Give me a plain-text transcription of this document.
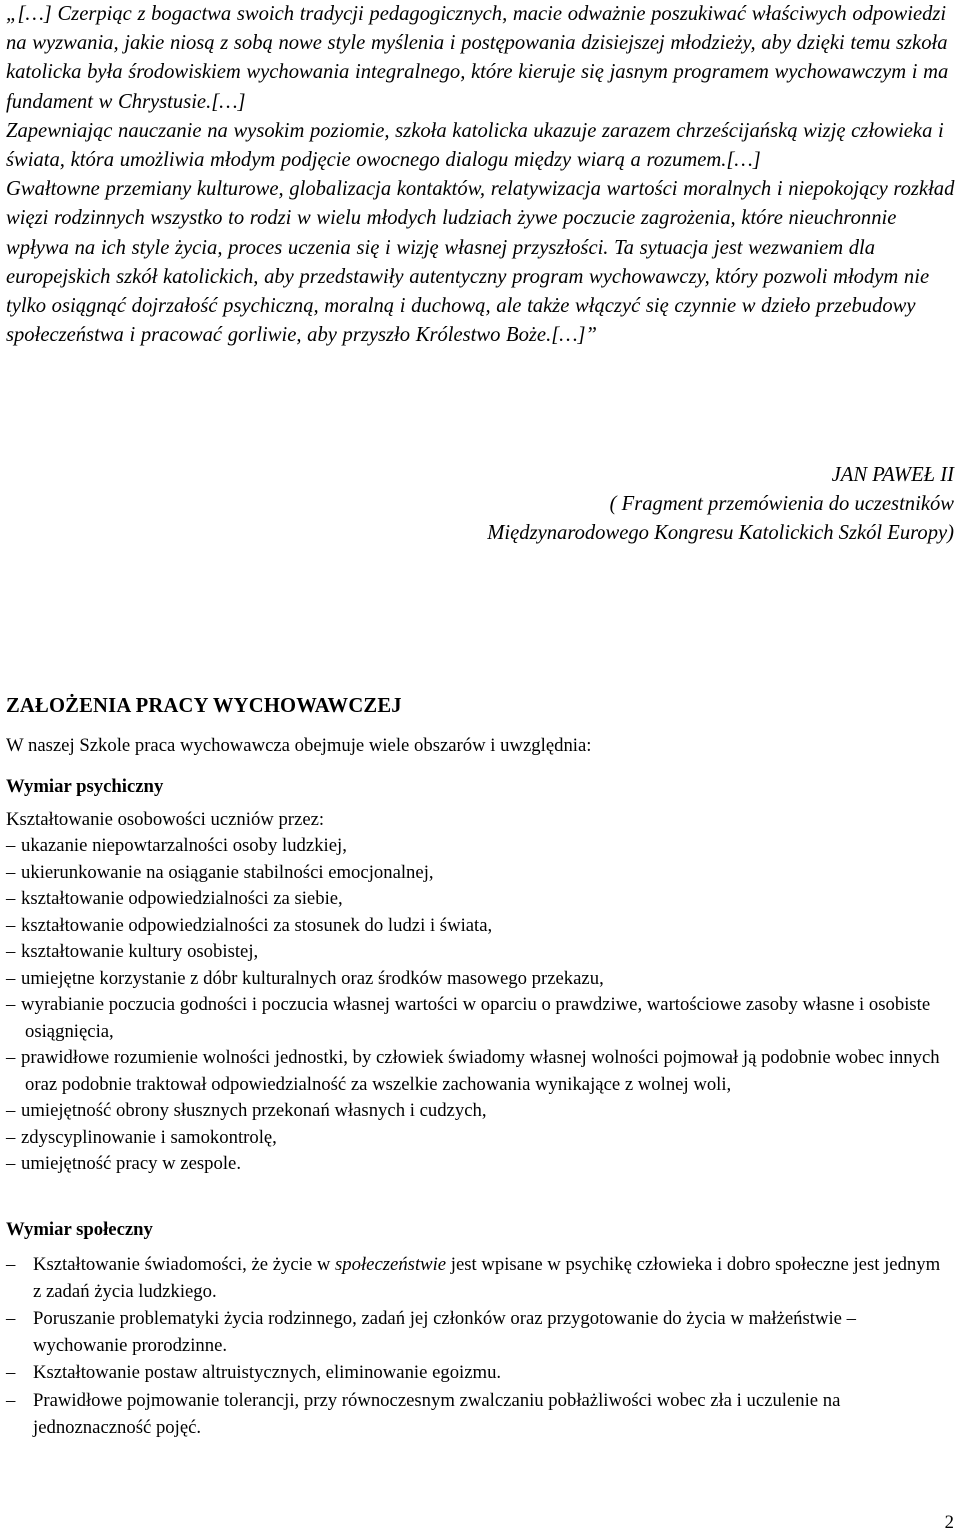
„[…] Czerpiąc z bogactwa swoich tradycji pedagogicznych, macie odważnie poszukiwać właściwych odpowiedzi na wyzwania, jakie niosą z sobą nowe style myślenia i postępowania dzisiejszej młodzieży, aby dzięki temu szkoła katolicka była środowiskiem wychowania integralnego, które kieruje się jasnym programem wychowawczym i ma fundament w Chrystusie.[…]
Zapewniając nauczanie na wysokim poziomie, szkoła katolicka ukazuje zarazem chrześcijańską wizję człowieka i świata, która umożliwia młodym podjęcie owocnego dialogu między wiarą a rozumem.[…]
Gwałtowne przemiany kulturowe, globalizacja kontaktów, relatywizacja wartości moralnych i niepokojący rozkład więzi rodzinnych wszystko to rodzi w wielu młodych ludziach żywe poczucie zagrożenia, które nieuchronnie wpływa na ich style życia, proces uczenia się i wizję własnej przyszłości. Ta sytuacja jest wezwaniem dla europejskich szkół katolickich, aby przedstawiły autentyczny program wychowawczy, który pozwoli młodym nie tylko osiągnąć dojrzałość psychiczną, moralną i duchową, ale także włączyć się czynnie w dzieło przebudowy społeczeństwa i pracować gorliwie, aby przyszło Królestwo Boże.[…]”
JAN PAWEŁ II
( Fragment przemówienia do uczestników
Międzynarodowego Kongresu Katolickich Szkól Europy)
ZAŁOŻENIA PRACY WYCHOWAWCZEJ
W naszej Szkole praca wychowawcza obejmuje wiele obszarów i uwzględnia:
Wymiar psychiczny
Kształtowanie osobowości uczniów przez:
– ukazanie niepowtarzalności osoby ludzkiej,
– ukierunkowanie na osiąganie stabilności emocjonalnej,
– kształtowanie odpowiedzialności za siebie,
– kształtowanie odpowiedzialności za stosunek do ludzi i świata,
– kształtowanie kultury osobistej,
– umiejętne korzystanie z dóbr kulturalnych oraz środków masowego przekazu,
– wyrabianie poczucia godności i poczucia własnej wartości w oparciu o prawdziwe, wartościowe zasoby własne i osobiste osiągnięcia,
– prawidłowe rozumienie wolności jednostki, by człowiek świadomy własnej wolności pojmował ją podobnie wobec innych oraz podobnie traktował odpowiedzialność za wszelkie zachowania wynikające z wolnej woli,
– umiejętność obrony słusznych przekonań własnych i cudzych,
– zdyscyplinowanie i samokontrolę,
– umiejętność pracy w zespole.
Wymiar społeczny
– Kształtowanie świadomości, że życie w społeczeństwie jest wpisane w psychikę człowieka i dobro społeczne jest jednym z zadań życia ludzkiego.
– Poruszanie problematyki życia rodzinnego, zadań jej członków oraz przygotowanie do życia w małżeństwie – wychowanie prorodzinne.
– Kształtowanie postaw altruistycznych, eliminowanie egoizmu.
– Prawidłowe pojmowanie tolerancji, przy równoczesnym zwalczaniu pobłażliwości wobec zła i uczulenie na jednoznaczność pojęć.
2
